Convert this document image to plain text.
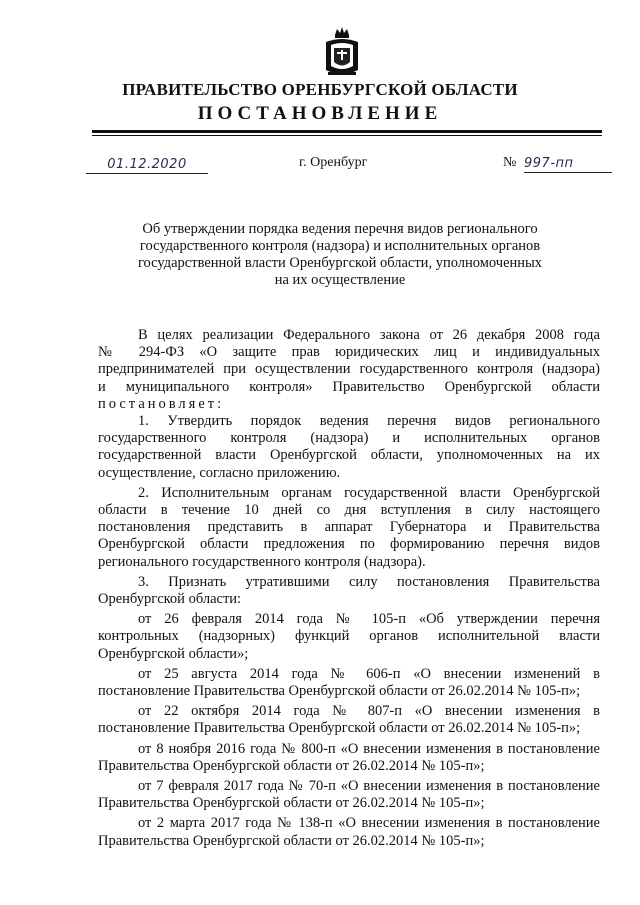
ПРАВИТЕЛЬСТВО ОРЕНБУРГСКОЙ ОБЛАСТИ
ПОСТАНОВЛЕНИЕ
01.12.2020	г. Оренбург	№ 997-пп
Об утверждении порядка ведения перечня видов регионального
государственного контроля (надзора) и исполнительных органов
государственной власти Оренбургской области, уполномоченных
на их осуществление

В целях реализации Федерального закона от 26 декабря 2008 года

№ 294-ФЗ «О защите прав юридических лиц и индивидуальных

предпринимателей при осуществлении государственного контроля (надзора)

и муниципального контроля» Правительство Оренбургской области

постановляет:

1. Утвердить порядок ведения перечня видов регионального

государственного контроля (надзора) и исполнительных органов

государственной власти Оренбургской области, уполномоченных на их

осуществление, согласно приложению.

2. Исполнительным органам государственной власти Оренбургской

области в течение 10 дней со дня вступления в силу настоящего

постановления представить в аппарат Губернатора и Правительства

Оренбургской области предложения по формированию перечня видов

регионального государственного контроля (надзора).

3. Признать утратившими силу постановления Правительства

Оренбургской области:

от 26 февраля 2014 года № 105-п «Об утверждении перечня

контрольных (надзорных) функций органов исполнительной власти

Оренбургской области»;

от 25 августа 2014 года № 606-п «О внесении изменений в

постановление Правительства Оренбургской области от 26.02.2014 № 105-п»;

от 22 октября 2014 года № 807-п «О внесении изменения в

постановление Правительства Оренбургской области от 26.02.2014 № 105-п»;

от 8 ноября 2016 года № 800-п «О внесении изменения в постановление

Правительства Оренбургской области от 26.02.2014 № 105-п»;

от 7 февраля 2017 года № 70-п «О внесении изменения в постановление

Правительства Оренбургской области от 26.02.2014 № 105-п»;

от 2 марта 2017 года № 138-п «О внесении изменения в постановление

Правительства Оренбургской области от 26.02.2014 № 105-п»;
